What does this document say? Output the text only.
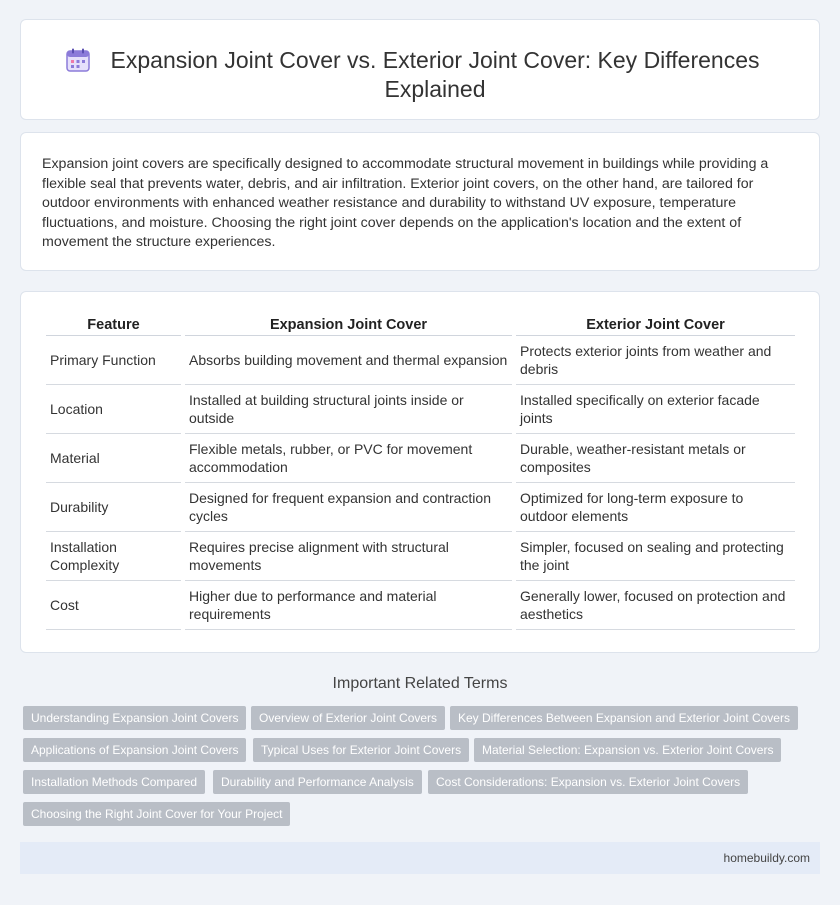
Expansion Joint Cover vs. Exterior Joint Cover: Key Differences Explained

Expansion joint covers are specifically designed to accommodate structural movement in buildings while providing a flexible seal that prevents water, debris, and air infiltration. Exterior joint covers, on the other hand, are tailored for outdoor environments with enhanced weather resistance and durability to withstand UV exposure, temperature fluctuations, and moisture. Choosing the right joint cover depends on the application's location and the extent of movement the structure experiences.

Feature	Expansion Joint Cover	Exterior Joint Cover
Primary Function	Absorbs building movement and thermal expansion	Protects exterior joints from weather and debris
Location	Installed at building structural joints inside or outside	Installed specifically on exterior facade joints
Material	Flexible metals, rubber, or PVC for movement accommodation	Durable, weather-resistant metals or composites
Durability	Designed for frequent expansion and contraction cycles	Optimized for long-term exposure to outdoor elements
Installation Complexity	Requires precise alignment with structural movements	Simpler, focused on sealing and protecting the joint
Cost	Higher due to performance and material requirements	Generally lower, focused on protection and aesthetics
Important Related Terms
Understanding Expansion Joint Covers	Overview of Exterior Joint Covers	Key Differences Between Expansion and Exterior Joint Covers
Applications of Expansion Joint Covers	Typical Uses for Exterior Joint Covers	Material Selection: Expansion vs. Exterior Joint Covers
Installation Methods Compared	Durability and Performance Analysis	Cost Considerations: Expansion vs. Exterior Joint Covers
Choosing the Right Joint Cover for Your Project
homebuildy.com
